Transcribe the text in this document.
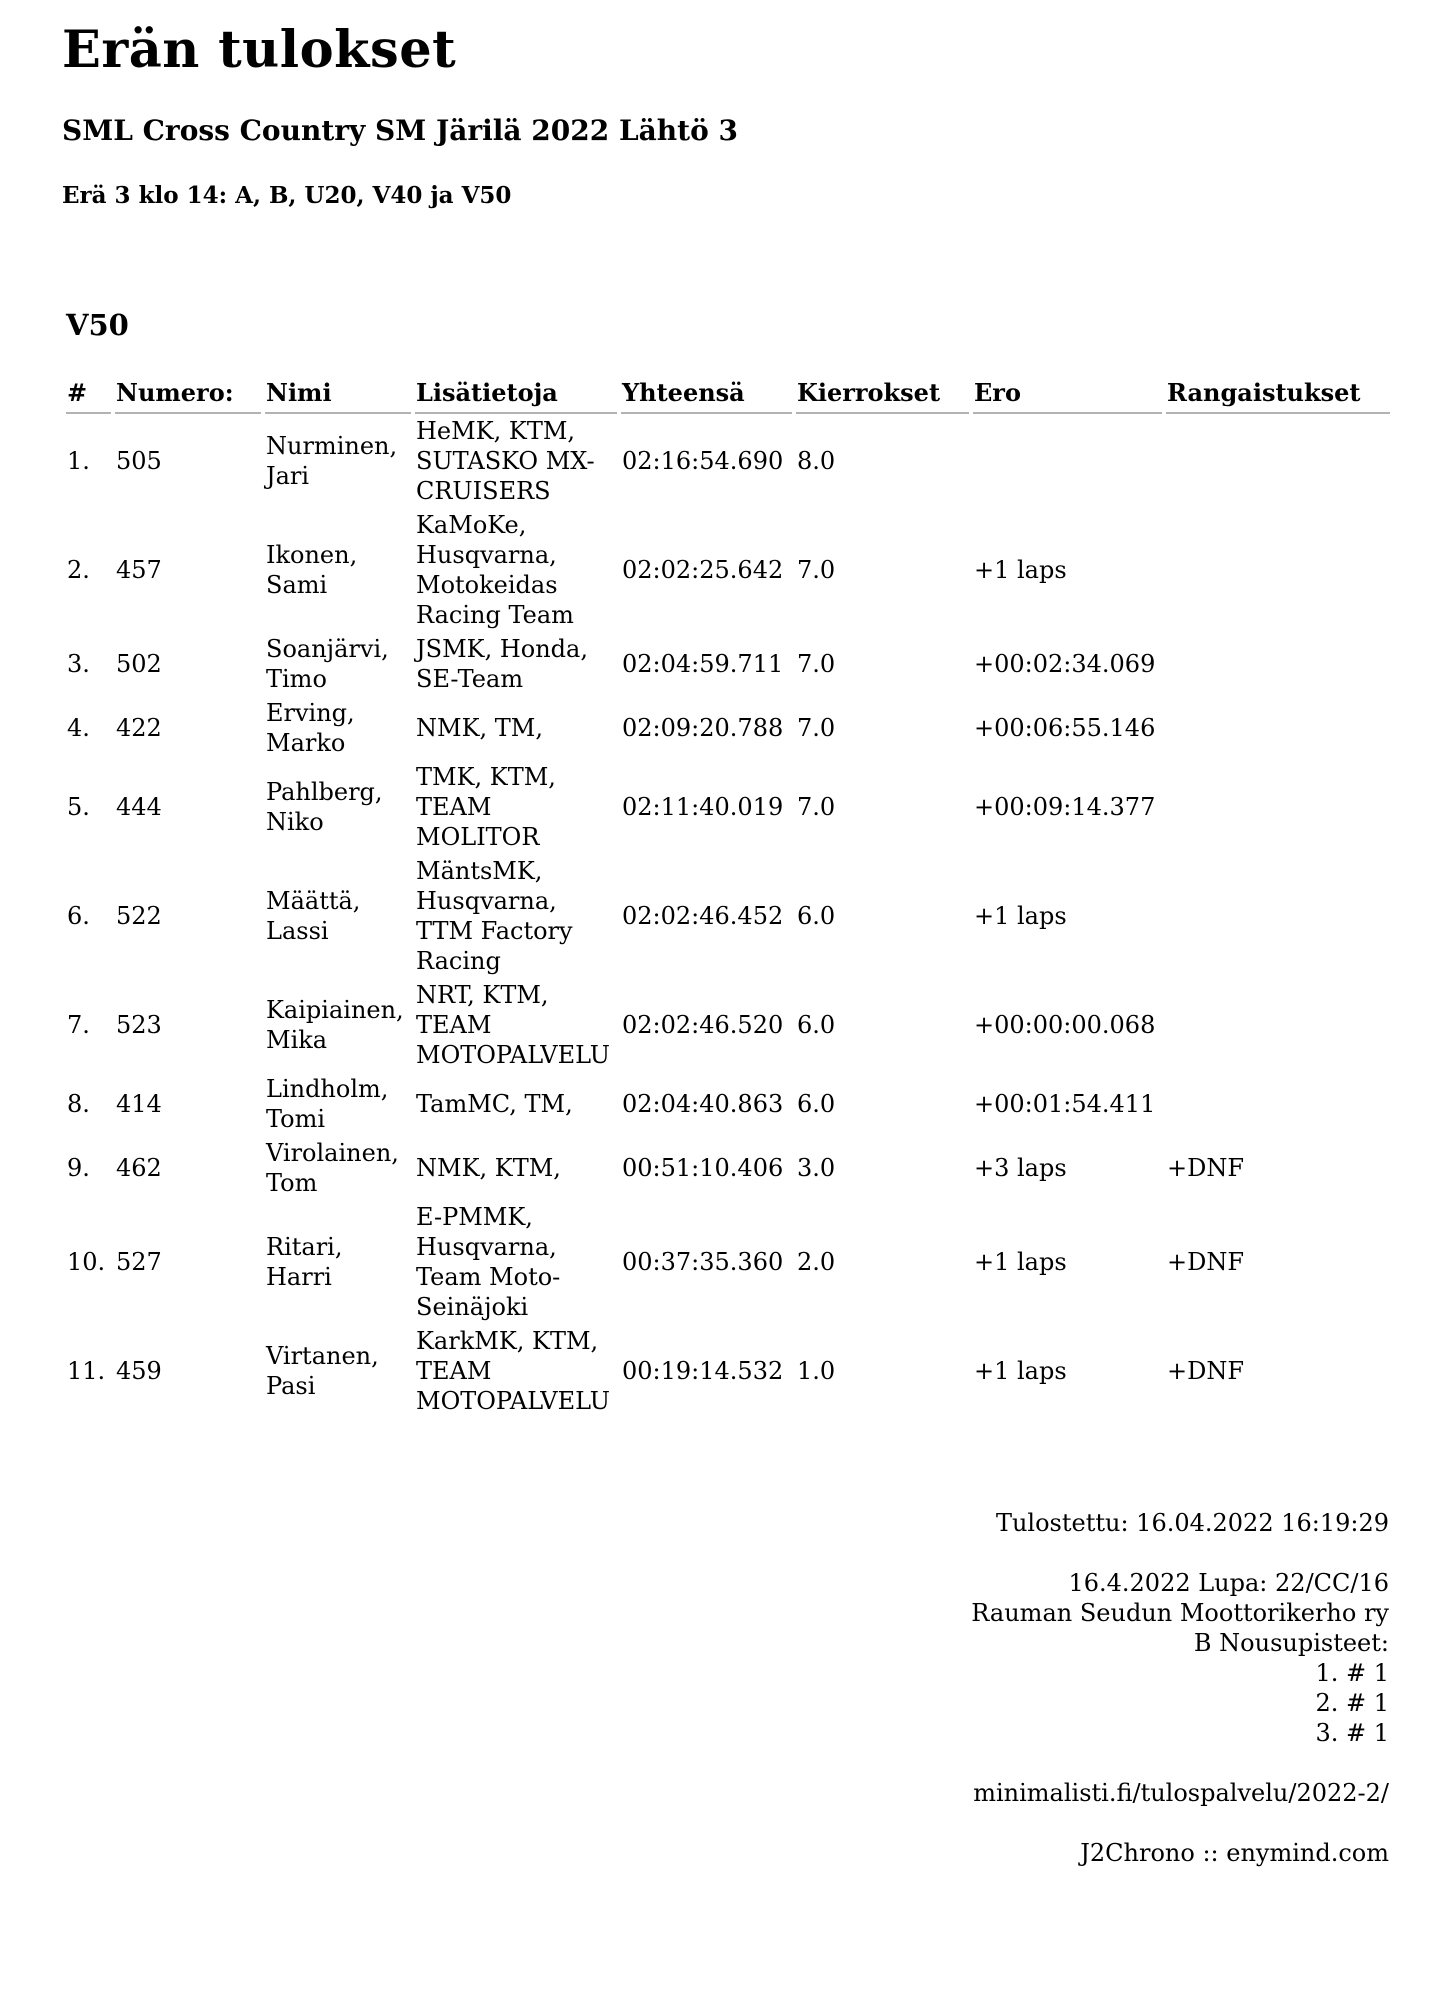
Erän tulokset
SML Cross Country SM Järilä 2022 Lähtö 3
Erä 3 klo 14: A, B, U20, V40 ja V50
V50
#	Numero:	Nimi	Lisätietoja	Yhteensä	Kierrokset	Ero	Rangaistukset
1.	505	Nurminen, Jari	HeMK, KTM, SUTASKO MX-CRUISERS	02:16:54.690	8.0		
2.	457	Ikonen, Sami	KaMoKe, Husqvarna, Motokeidas Racing Team	02:02:25.642	7.0	+1 laps	
3.	502	Soanjärvi, Timo	JSMK, Honda, SE-Team	02:04:59.711	7.0	+00:02:34.069	
4.	422	Erving, Marko	NMK, TM,	02:09:20.788	7.0	+00:06:55.146	
5.	444	Pahlberg, Niko	TMK, KTM, TEAM MOLITOR	02:11:40.019	7.0	+00:09:14.377	
6.	522	Määttä, Lassi	MäntsMK, Husqvarna, TTM Factory Racing	02:02:46.452	6.0	+1 laps	
7.	523	Kaipiainen, Mika	NRT, KTM, TEAM MOTOPALVELU	02:02:46.520	6.0	+00:00:00.068	
8.	414	Lindholm, Tomi	TamMC, TM,	02:04:40.863	6.0	+00:01:54.411	
9.	462	Virolainen, Tom	NMK, KTM,	00:51:10.406	3.0	+3 laps	+DNF
10.	527	Ritari, Harri	E-PMMK, Husqvarna, Team Moto-Seinäjoki	00:37:35.360	2.0	+1 laps	+DNF
11.	459	Virtanen, Pasi	KarkMK, KTM, TEAM MOTOPALVELU	00:19:14.532	1.0	+1 laps	+DNF
Tulostettu: 16.04.2022 16:19:29
16.4.2022 Lupa: 22/CC/16
Rauman Seudun Moottorikerho ry
B Nousupisteet:
1. # 1
2. # 1
3. # 1
minimalisti.fi/tulospalvelu/2022-2/
J2Chrono :: enymind.com
